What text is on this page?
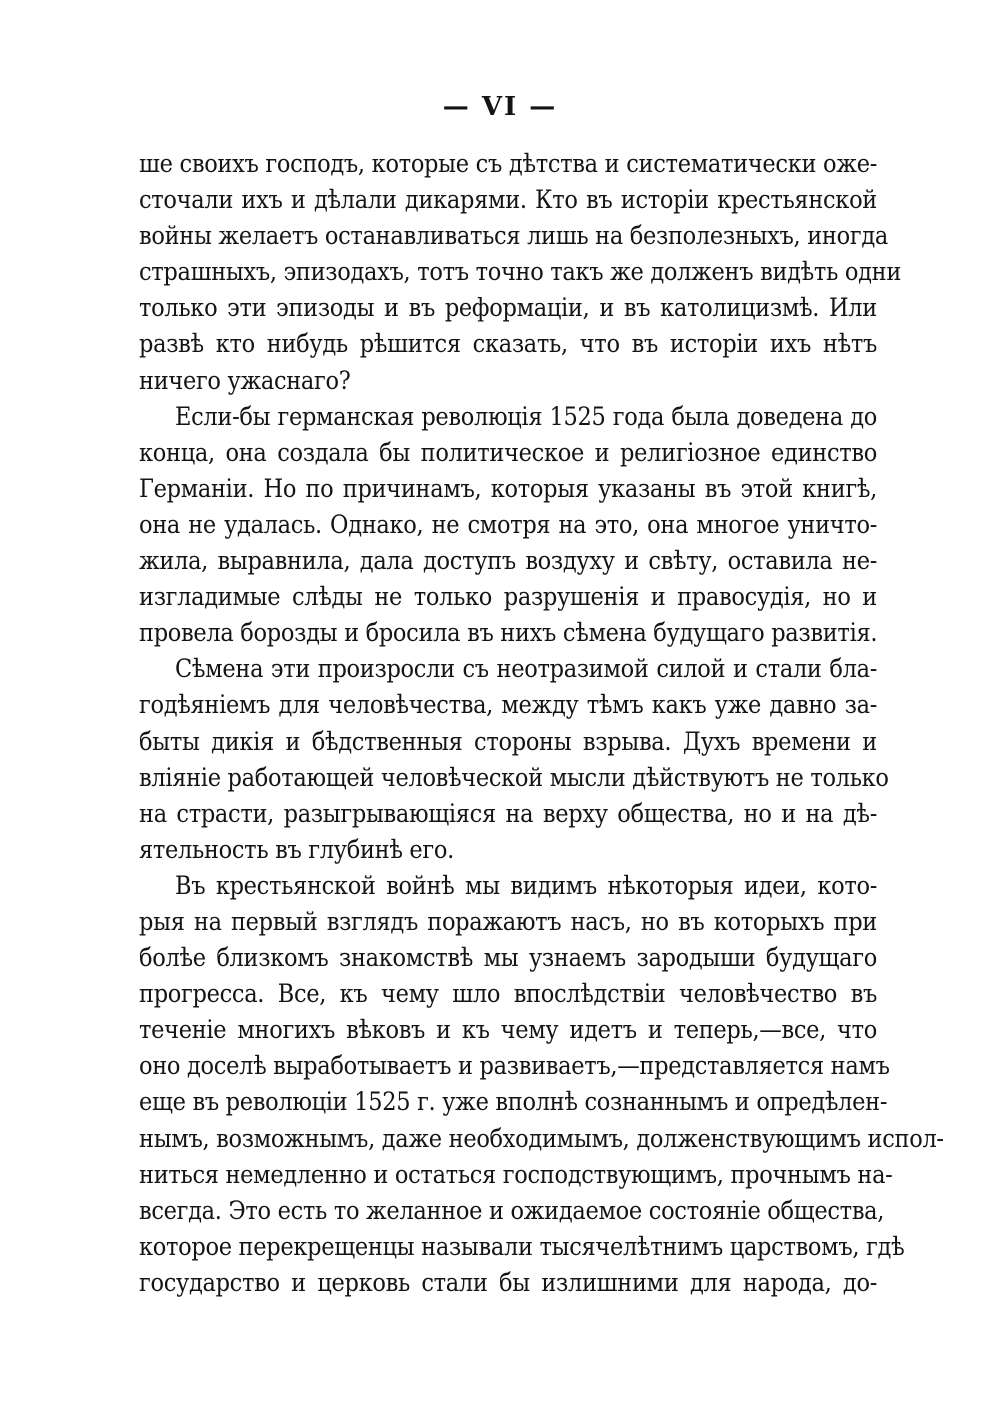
— VI —
ше своихъ господъ, которые съ дѣтства и систематически оже-
сточали ихъ и дѣлали дикарями. Кто въ исторіи крестьянской
войны желаетъ останавливаться лишь на безполезныхъ, иногда
страшныхъ, эпизодахъ, тотъ точно такъ же долженъ видѣть одни
только эти эпизоды и въ реформаціи, и въ католицизмѣ. Или
развѣ кто нибудь рѣшится сказать, что въ исторіи ихъ нѣтъ
ничего ужаснаго?
Если-бы германская революція 1525 года была доведена до
конца, она создала бы политическое и религіозное единство
Германіи. Но по причинамъ, которыя указаны въ этой книгѣ,
она не удалась. Однако, не смотря на это, она многое уничто-
жила, выравнила, дала доступъ воздуху и свѣту, оставила не-
изгладимые слѣды не только разрушенія и правосудія, но и
провела борозды и бросила въ нихъ сѣмена будущаго развитія.
Сѣмена эти произросли съ неотразимой силой и стали бла-
годѣяніемъ для человѣчества, между тѣмъ какъ уже давно за-
быты дикія и бѣдственныя стороны взрыва. Духъ времени и
вліяніе работающей человѣческой мысли дѣйствуютъ не только
на страсти, разыгрывающіяся на верху общества, но и на дѣ-
ятельность въ глубинѣ его.
Въ крестьянской войнѣ мы видимъ нѣкоторыя идеи, кото-
рыя на первый взглядъ поражаютъ насъ, но въ которыхъ при
болѣе близкомъ знакомствѣ мы узнаемъ зародыши будущаго
прогресса. Все, къ чему шло впослѣдствіи человѣчество въ
теченіе многихъ вѣковъ и къ чему идетъ и теперь,—все, что
оно доселѣ выработываетъ и развиваетъ,—представляется намъ
еще въ революціи 1525 г. уже вполнѣ сознаннымъ и опредѣлен-
нымъ, возможнымъ, даже необходимымъ, долженствующимъ испол-
ниться немедленно и остаться господствующимъ, прочнымъ на-
всегда. Это есть то желанное и ожидаемое состояніе общества,
которое перекрещенцы называли тысячелѣтнимъ царствомъ, гдѣ
государство и церковь стали бы излишними для народа, до-
